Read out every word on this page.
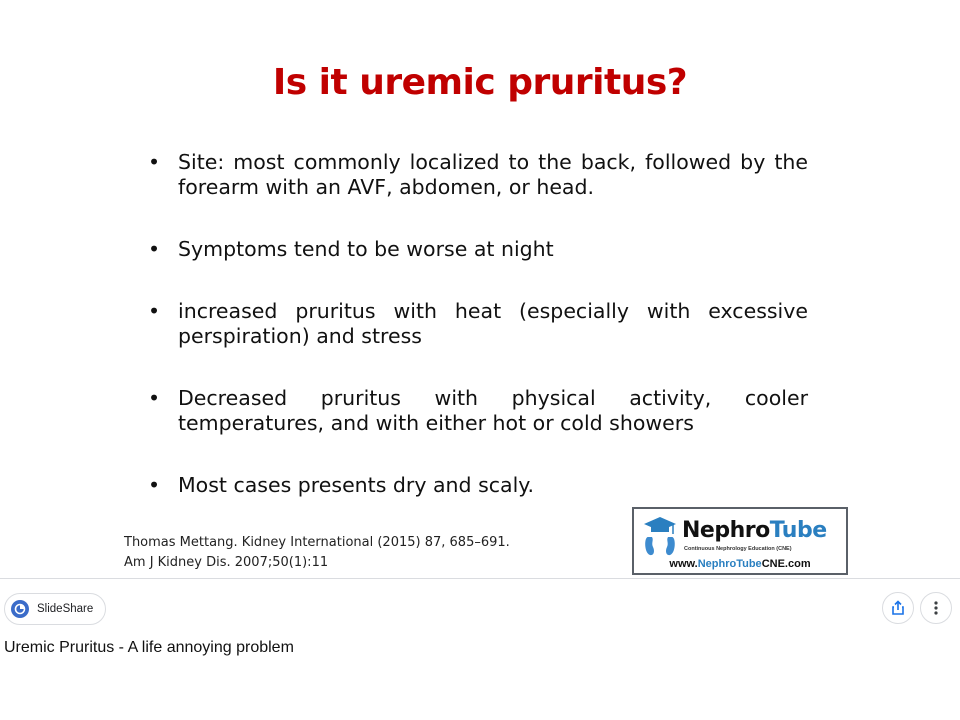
Is it uremic pruritus?
• Site: most commonly localized to the back, followed by the forearm with an AVF, abdomen, or head.
• Symptoms tend to be worse at night
• increased pruritus with heat (especially with excessive perspiration) and stress
• Decreased pruritus with physical activity, cooler temperatures, and with either hot or cold showers
• Most cases presents dry and scaly.
Thomas Mettang. Kidney International (2015) 87, 685–691.
Am J Kidney Dis. 2007;50(1):11
NephroTube
Continuous Nephrology Education (CNE)
www.NephroTubeCNE.com
SlideShare
Uremic Pruritus - A life annoying problem
